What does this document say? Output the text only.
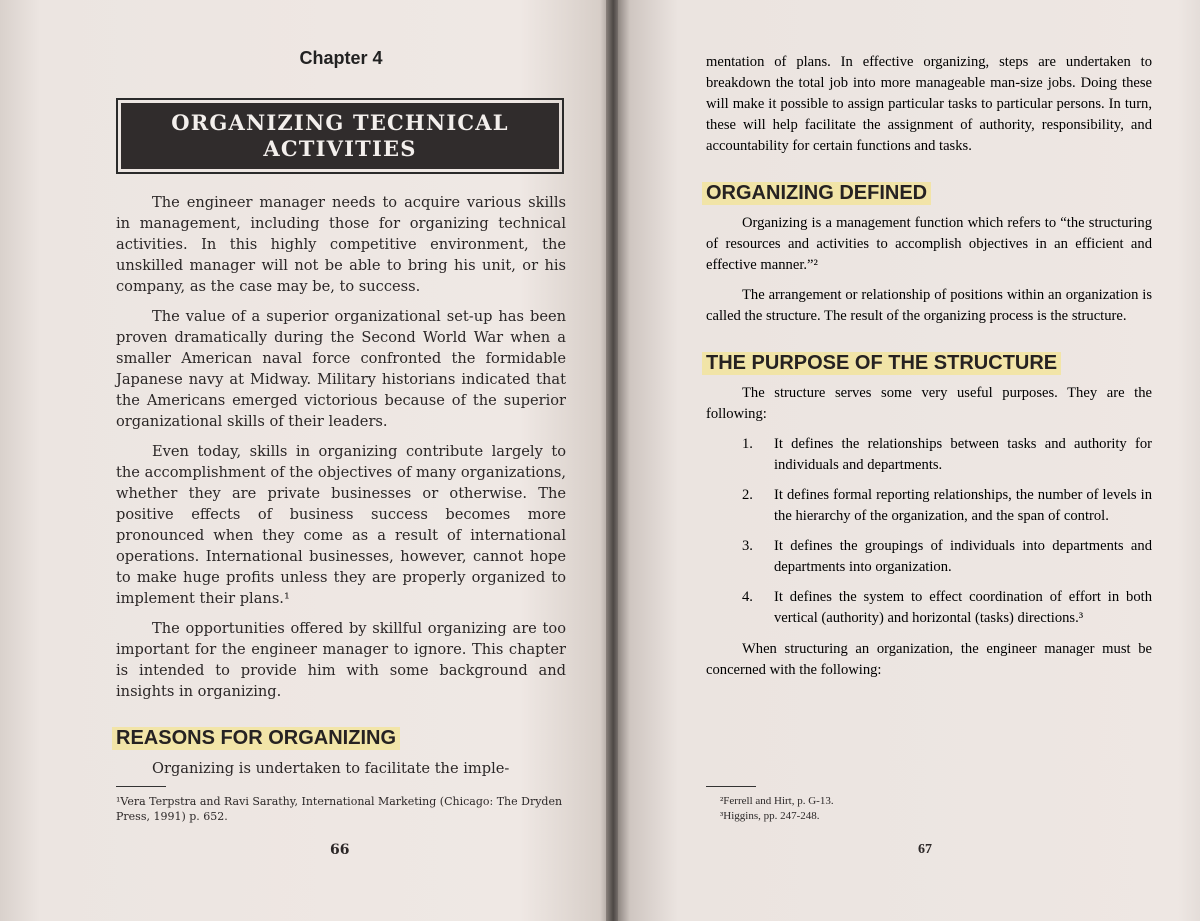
Chapter 4
ORGANIZING TECHNICAL
ACTIVITIES

The engineer manager needs to acquire various skills in management, including those for organizing technical activities. In this highly competitive environment, the unskilled manager will not be able to bring his unit, or his company, as the case may be, to success.

The value of a superior organizational set-up has been proven dramatically during the Second World War when a smaller American naval force confronted the formidable Japanese navy at Midway. Military historians indicated that the Americans emerged victorious because of the superior organizational skills of their leaders.

Even today, skills in organizing contribute largely to the accomplishment of the objectives of many organizations, whether they are private businesses or otherwise. The positive effects of business success becomes more pronounced when they come as a result of international operations. International businesses, however, cannot hope to make huge profits unless they are properly organized to implement their plans.¹

The opportunities offered by skillful organizing are too important for the engineer manager to ignore. This chapter is intended to provide him with some background and insights in organizing.

REASONS FOR ORGANIZING

Organizing is undertaken to facilitate the imple-

¹Vera Terpstra and Ravi Sarathy, International Marketing (Chicago: The Dryden Press, 1991) p. 652.
66

mentation of plans. In effective organizing, steps are undertaken to breakdown the total job into more manageable man-size jobs. Doing these will make it possible to assign particular tasks to particular persons. In turn, these will help facilitate the assignment of authority, responsibility, and accountability for certain functions and tasks.

ORGANIZING DEFINED

Organizing is a management function which refers to “the structuring of resources and activities to accomplish objectives in an efficient and effective manner.”²

The arrangement or relationship of positions within an organization is called the structure. The result of the organizing process is the structure.

THE PURPOSE OF THE STRUCTURE

The structure serves some very useful purposes. They are the following:

1. It defines the relationships between tasks and authority for individuals and departments.
2. It defines formal reporting relationships, the number of levels in the hierarchy of the organization, and the span of control.
3. It defines the groupings of individuals into departments and departments into organization.
4. It defines the system to effect coordination of effort in both vertical (authority) and horizontal (tasks) directions.³

When structuring an organization, the engineer manager must be concerned with the following:

²Ferrell and Hirt, p. G-13.
³Higgins, pp. 247-248.
67
